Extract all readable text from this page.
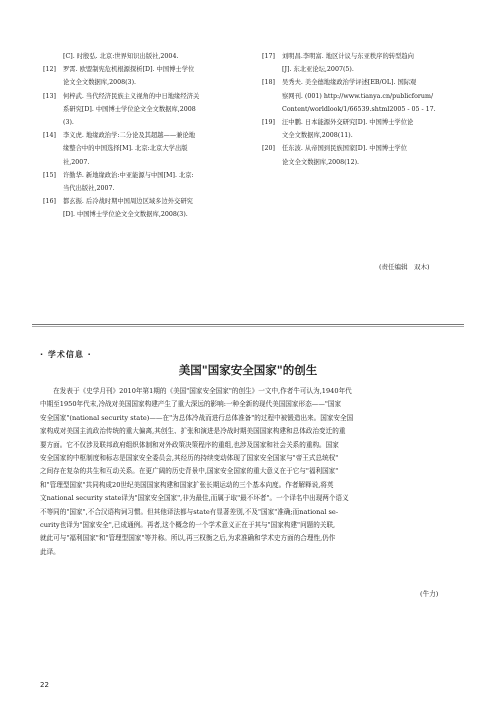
[C]. 时殷弘. 北京:世界知识出版社,2004.
[12]	罗霄. 欧盟制宪危机根源探析[D]. 中国博士学位
论文全文数据库,2008(3).
[13]	何梓武. 当代经济民族主义视角的中日地缘经济关
系研究[D]. 中国博士学位论文全文数据库,2008
(3).
[14]	李义虎. 地缘政治学:二分论及其超越——兼论地
缘整合中的中国选择[M]. 北京:北京大学出版
社,2007.
[15]	许勤华. 新地缘政治:中亚能源与中国[M]. 北京:
当代出版社,2007.
[16]	都玄振. 后冷战时期中国周边区域多边外交研究
[D]. 中国博士学位论文全文数据库,2008(3).
[17]	刘明昌.李明富. 地区计议与东亚秩序的转型趋向
[J]. 东北亚论坛,2007(5).
[18]	吴秀夫. 美全德地缘政治学评述[EB/OL]. 国际观
察网刊. (001) http://www.tianya.cn/publicforum/
Content/worldlook/1/66539.shtml2005 - 05 - 17.
[19]	汪中鹏. 日本能源外交研究[D]. 中国博士学位论
文全文数据库,2008(11).
[20]	任东波. 从帝国到民族国家[D]. 中国博士学位
论文全文数据库,2008(12).
(责任编辑　双木)
· 学术信息 ·
美国"国家安全国家"的创生
　　在发表于《史学月刊》2010年第1期的《美国"国家安全国家"的创生》一文中,作者牛可认为,1940年代
中期至1950年代末,冷战对美国国家构建产生了重大深远的影响:一种全新的现代美国国家形态——"国家
安全国家"(national security state)——在"为总体冷战而进行总体准备"的过程中被锻造出来。国家安全国
家构成对美国主流政治传统的重大偏离,其创生、扩张和演进是冷战时期美国国家构建和总体政治变迁的重
要方面。它不仅涉及联邦政府组织体制和对外政策决策程序的重组,也涉及国家和社会关系的重构。国家
安全国家的中枢制度和标志是国家安全委员会,其经历的持续变动体现了国家安全国家与"帝王式总统权"
之间存在复杂的共生和互动关系。在更广阔的历史背景中,国家安全国家的重大意义在于它与"福利国家"
和"管理型国家"共同构成20世纪美国国家构建和国家扩张长期运动的三个基本向度。作者解释说,将英
文national security state译为"国家安全国家",非为最佳,而属于取"最不坏者"。一个译名中出现两个语义
不等同的"国家",不合汉语构词习惯。但其他译法都与state有显著差别,不及"国家"准确;而national se-
curity也译为"国家安全",已成通例。再者,这个概念的一个学术意义正在于其与"国家构建"问题的关联,
就此可与"福利国家"和"管理型国家"等并称。所以,再三权衡之后,为求准确和学术史方面的合理性,仍作
此译。
(牛力)
22
